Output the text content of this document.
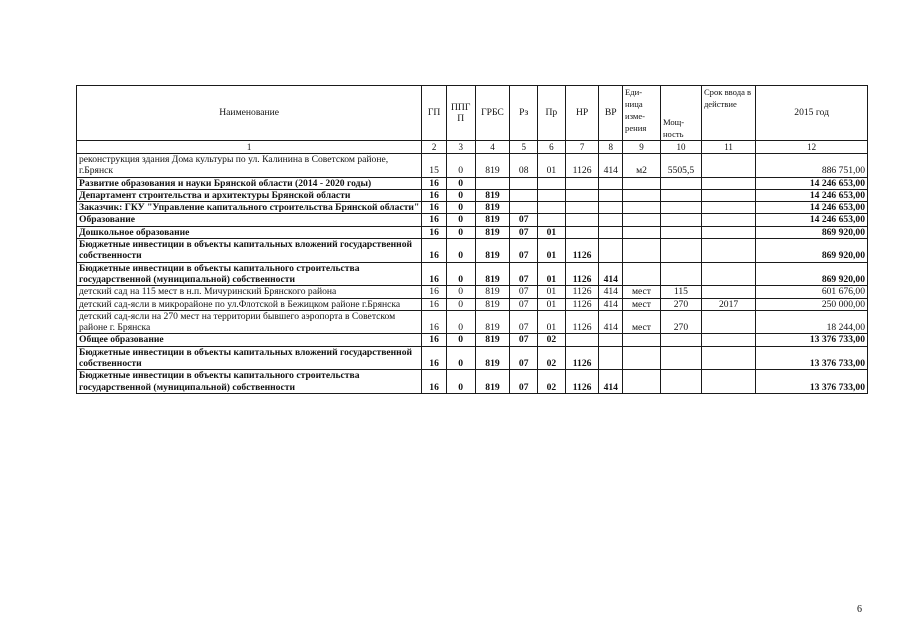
Наименование	ГП	ППГ П	ГРБС	Рз	Пр	НР	ВР	Еди- ница изме- рения	Мощ- ность	Срок ввода в действие	2015 год
1	2	3	4	5	6	7	8	9	10	11	12
реконструкция здания Дома культуры по ул. Калинина в Советском районе, г.Брянск	15	0	819	08	01	1126	414	м2	5505,5		886 751,00
Развитие образования и науки Брянской области (2014 - 2020 годы)	16	0									14 246 653,00
Департамент строительства и архитектуры Брянской области	16	0	819								14 246 653,00
Заказчик: ГКУ "Управление капитального строительства Брянской области"	16	0	819								14 246 653,00
Образование	16	0	819	07							14 246 653,00
Дошкольное образование	16	0	819	07	01						869 920,00
Бюджетные инвестиции в объекты капитальных вложений государственной собственности	16	0	819	07	01	1126					869 920,00
Бюджетные инвестиции в объекты капитального строительства государственной (муниципальной) собственности	16	0	819	07	01	1126	414				869 920,00
детский сад на 115 мест в н.п. Мичуринский Брянского района	16	0	819	07	01	1126	414	мест	115		601 676,00
детский сад-ясли в микрорайоне по ул.Флотской в Бежицком районе г.Брянска	16	0	819	07	01	1126	414	мест	270	2017	250 000,00
детский сад-ясли на 270 мест на территории бывшего аэропорта в Советском районе г. Брянска	16	0	819	07	01	1126	414	мест	270		18 244,00
Общее образование	16	0	819	07	02						13 376 733,00
Бюджетные инвестиции в объекты капитальных вложений государственной собственности	16	0	819	07	02	1126					13 376 733,00
Бюджетные инвестиции в объекты капитального строительства государственной (муниципальной) собственности	16	0	819	07	02	1126	414				13 376 733,00
6
